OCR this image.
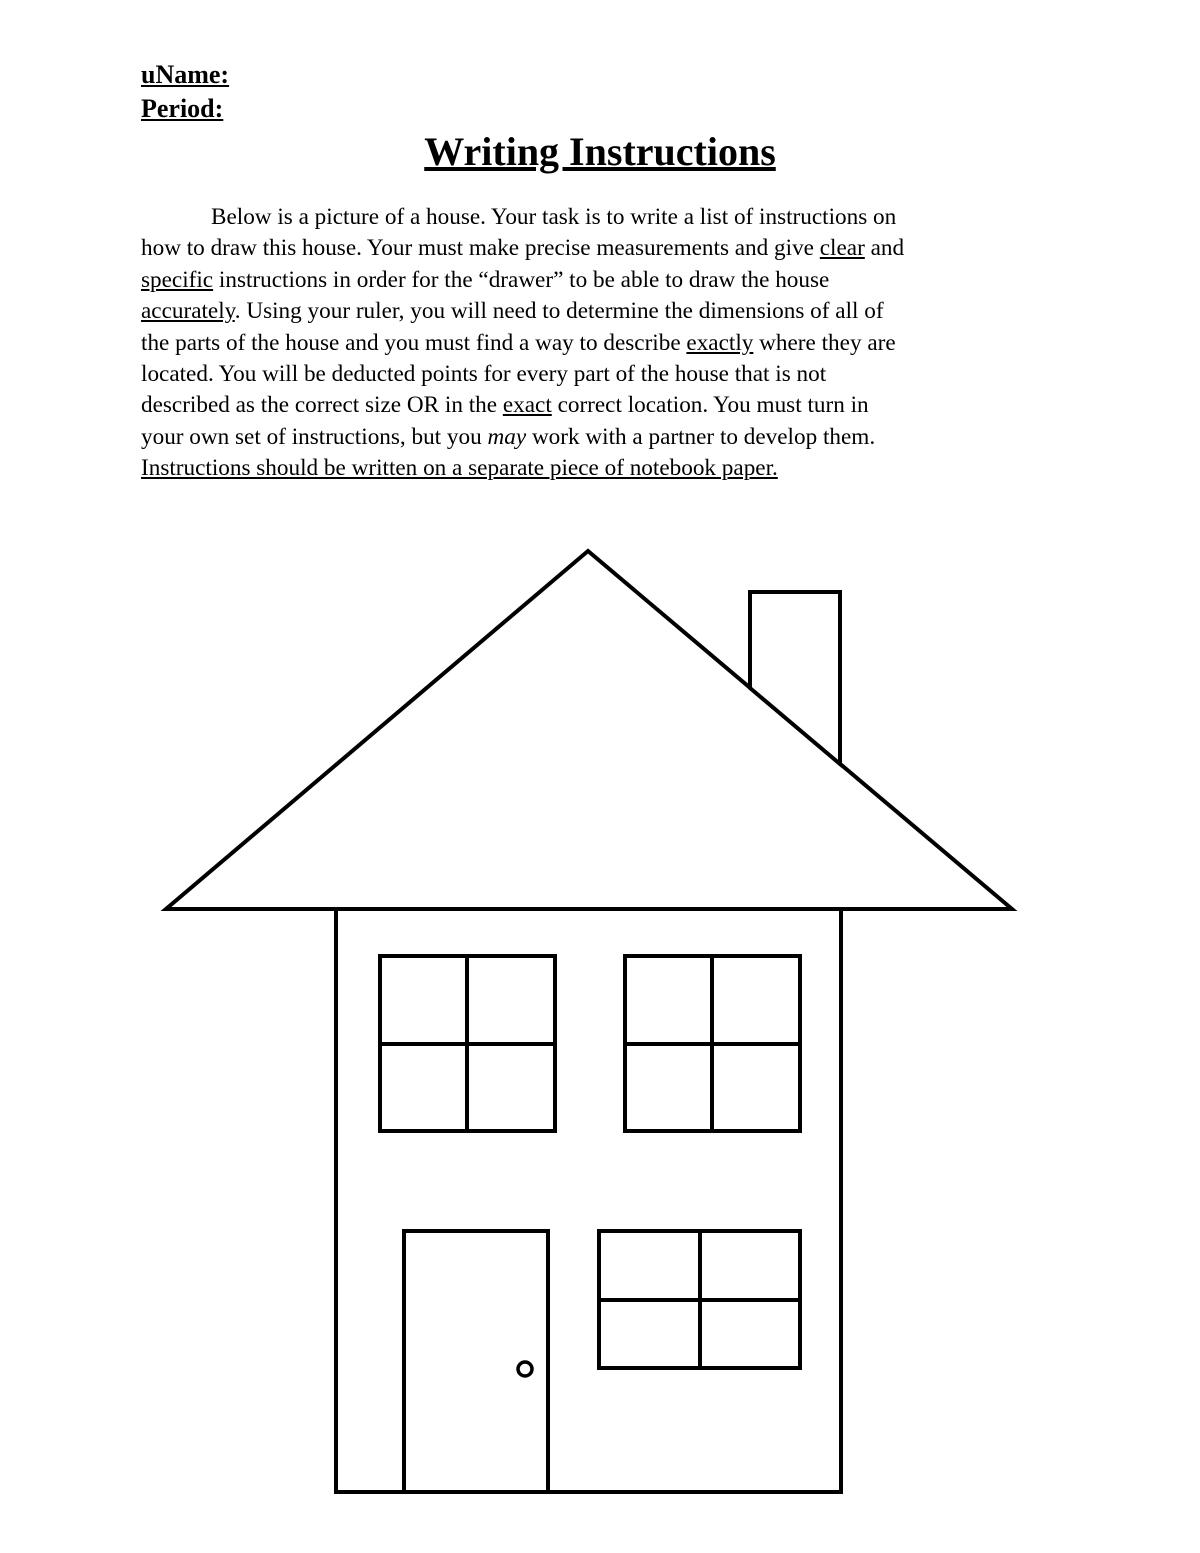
uName:

Period:

Writing Instructions

Below is a picture of a house. Your task is to write a list of instructions on
how to draw this house. Your must make precise measurements and give clear and
specific instructions in order for the “drawer” to be able to draw the house
accurately. Using your ruler, you will need to determine the dimensions of all of
the parts of the house and you must find a way to describe exactly where they are
located. You will be deducted points for every part of the house that is not
described as the correct size OR in the exact correct location. You must turn in
your own set of instructions, but you may work with a partner to develop them.
Instructions should be written on a separate piece of notebook paper.
